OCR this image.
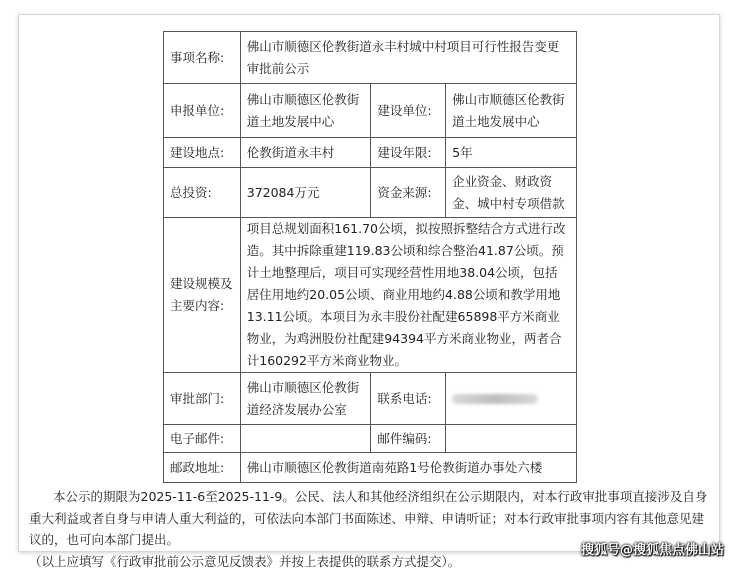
事项名称:	佛山市顺德区伦教街道永丰村城中村项目可行性报告变更审批前公示		
申报单位:	佛山市顺德区伦教街道土地发展中心	建设单位:	佛山市顺德区伦教街道土地发展中心
建设地点:	伦教街道永丰村	建设年限:	5年
总投资:	372084万元	资金来源:	企业资金、财政资金、城中村专项借款
建设规模及主要内容:	项目总规划面积161.70公顷，拟按照拆整结合方式进行改造。其中拆除重建119.83公顷和综合整治41.87公顷。预计土地整理后，项目可实现经营性用地38.04公顷，包括居住用地约20.05公顷、商业用地约4.88公顷和教学用地13.11公顷。本项目为永丰股份社配建65898平方米商业物业，为鸡洲股份社配建94394平方米商业物业，两者合计160292平方米商业物业。		
审批部门:	佛山市顺德区伦教街道经济发展办公室	联系电话:	
电子邮件:		邮件编码:	
邮政地址:	佛山市顺德区伦教街道南苑路1号伦教街道办事处六楼		

本公示的期限为2025-11-6至2025-11-9。公民、法人和其他经济组织在公示期限内，对本行政审批事项直接涉及自身重大利益或者自身与申请人重大利益的，可依法向本部门书面陈述、申辩、申请听证；对本行政审批事项内容有其他意见建议的，也可向本部门提出。

（以上应填写《行政审批前公示意见反馈表》并按上表提供的联系方式提交）。

搜狐号@搜狐焦点佛山站
